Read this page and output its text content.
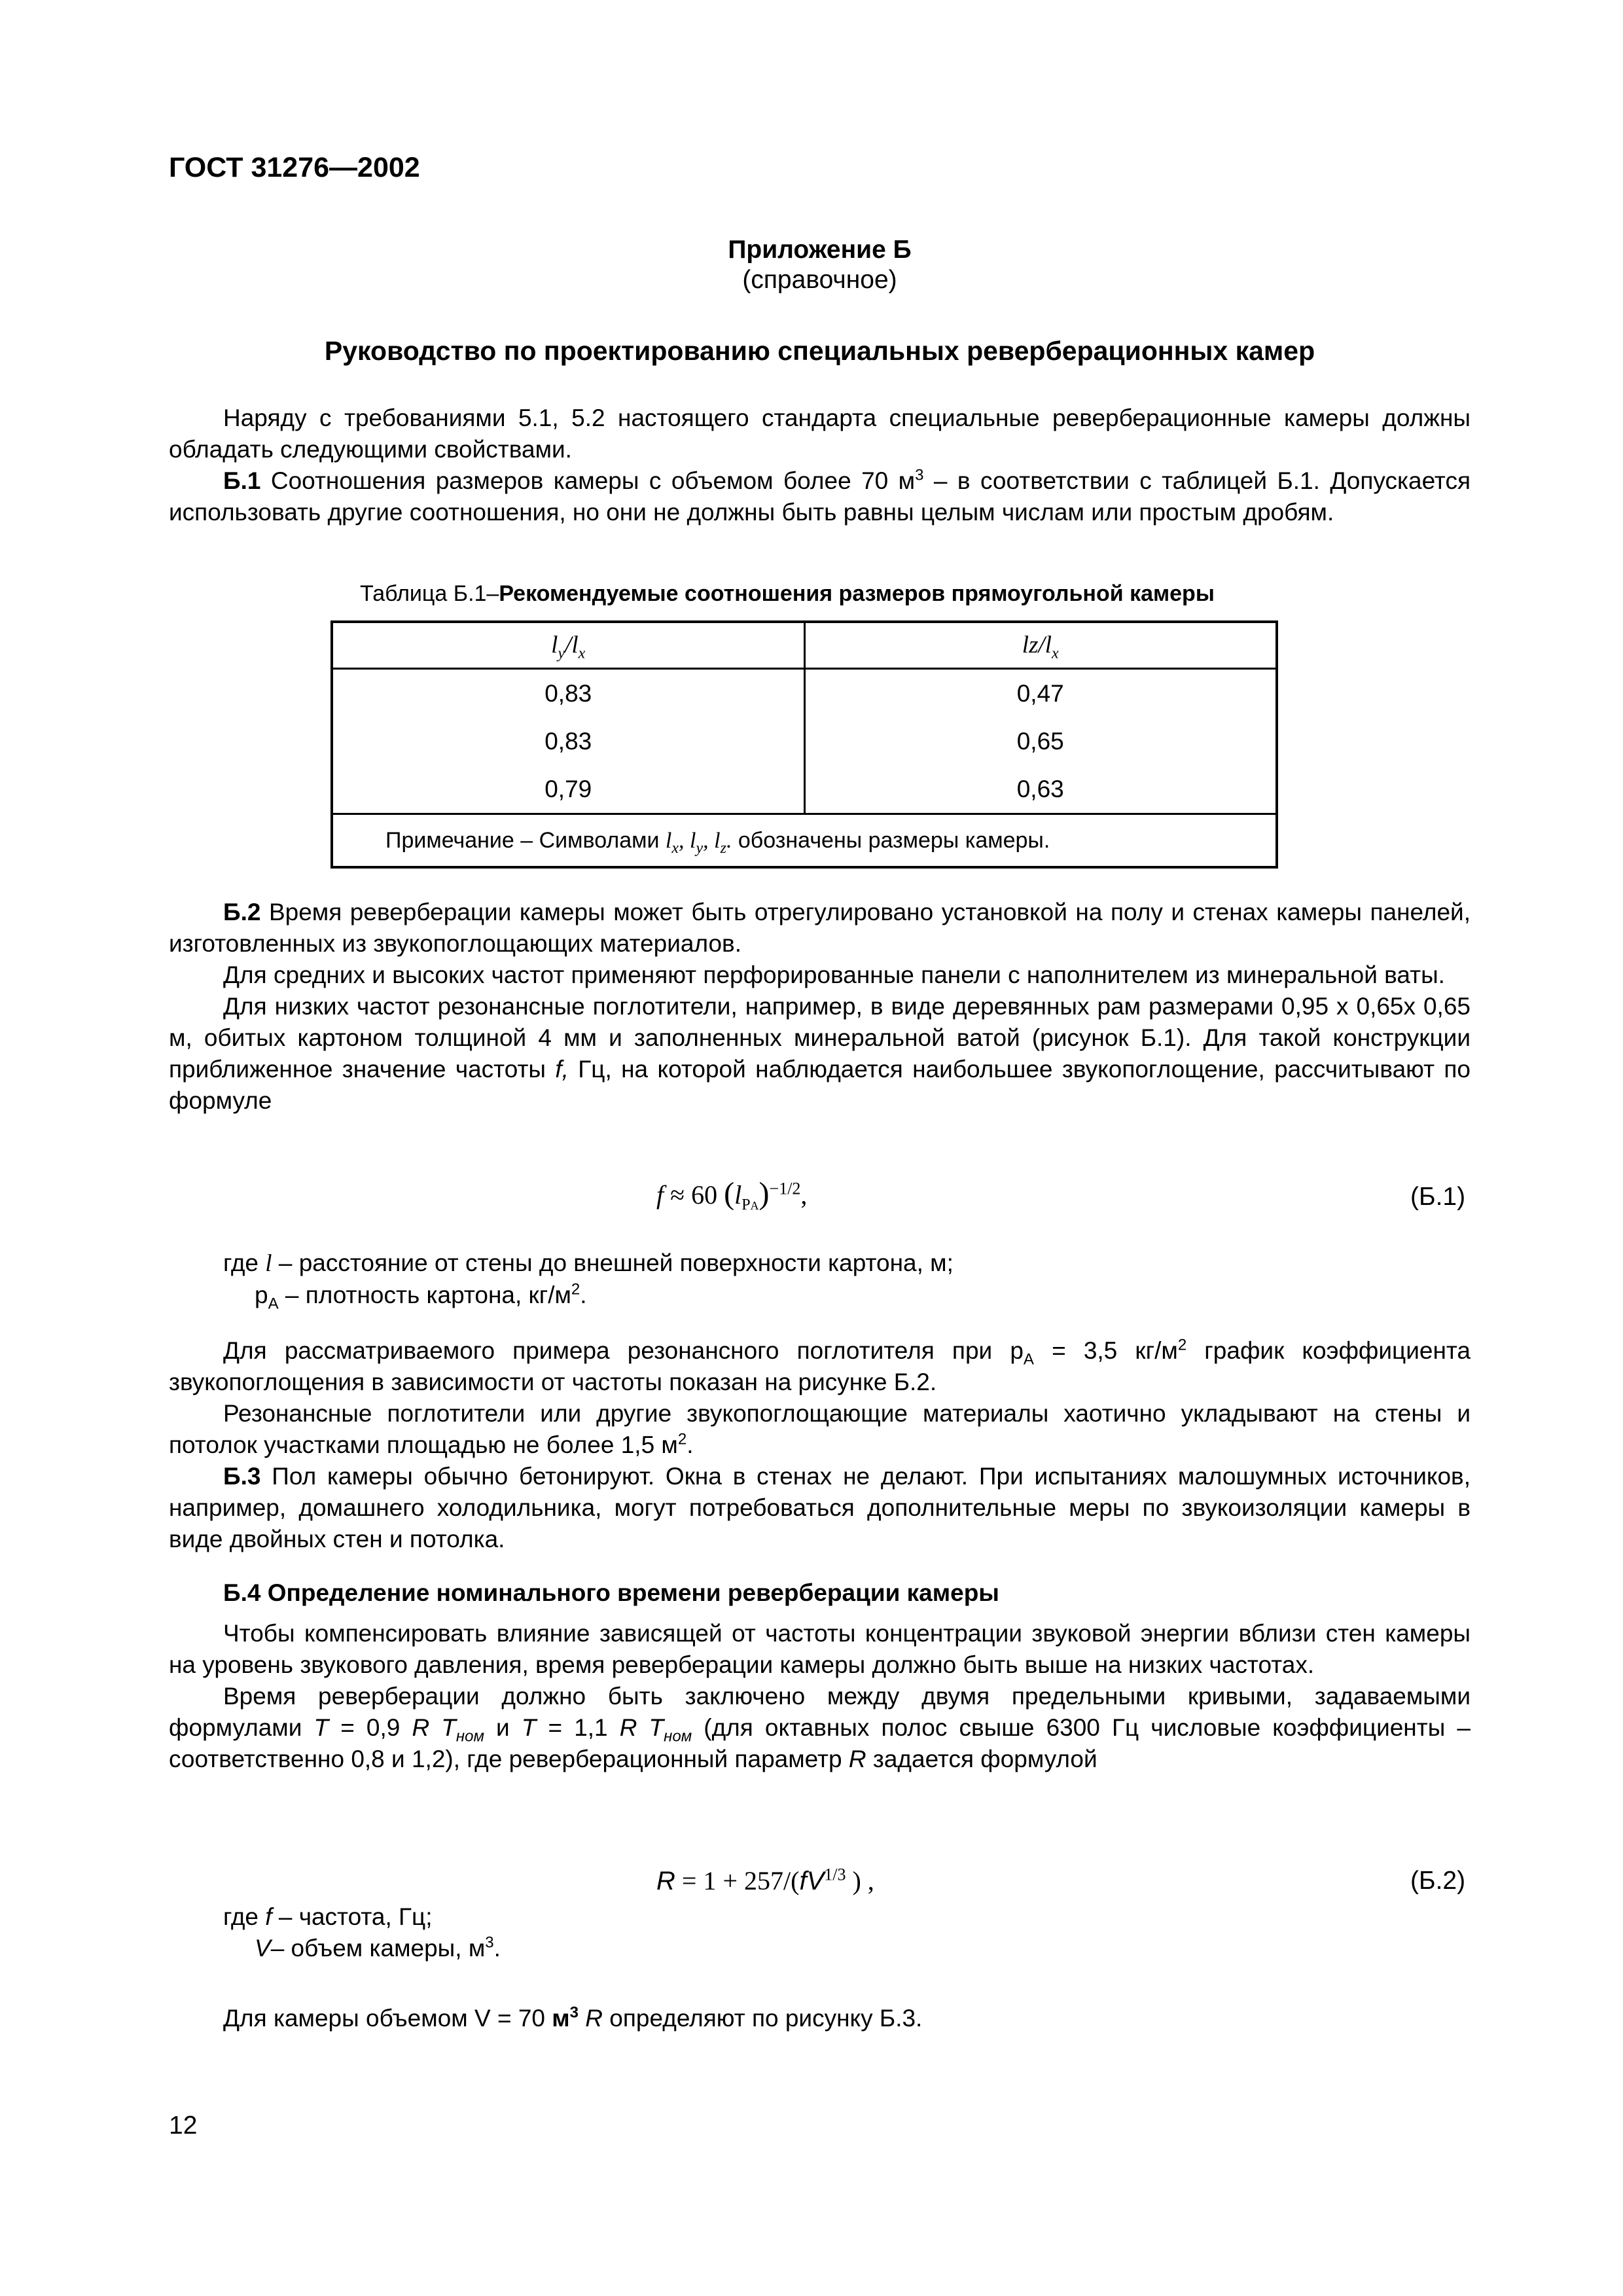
ГОСТ 31276—2002
Приложение Б
(справочное)
Руководство по проектированию специальных реверберационных камер

Наряду с требованиями 5.1, 5.2 настоящего стандарта специальные реверберационные камеры должны обладать следующими свойствами.

Б.1 Соотношения размеров камеры с объемом более 70 $м^3$ – в соответствии с таблицей Б.1. Допускается использовать другие соотношения, но они не должны быть равны целым числам или простым дробям.

Таблица Б.1–Рекомендуемые соотношения размеров прямоугольной камеры
$l_y/l_x$	$lz/l_x$
0,83	0,47
0,83	0,65
0,79	0,63
Примечание – Символами $l_x$, $l_y$, $l_z$. обозначены размеры камеры.	

Б.2 Время реверберации камеры может быть отрегулировано установкой на полу и стенах камеры панелей, изготовленных из звукопоглощающих материалов.

Для средних и высоких частот применяют перфорированные панели с наполнителем из минеральной ваты.

Для низких частот резонансные поглотители, например, в виде деревянных рам размерами 0,95 х 0,65х 0,65 м, обитых картоном толщиной 4 мм и заполненных минеральной ватой (рисунок Б.1). Для такой конструкции приближенное значение частоты f, Гц, на которой наблюдается наибольшее звукопоглощение, рассчитывают по формуле

f ≈ 60 $(l_{PA})^{-1/2}$,	(Б.1)
где l – расстояние от стены до внешней поверхности картона, м;
$р_A$ – плотность картона, $кг/м^2$.

Для рассматриваемого примера резонансного поглотителя при $р_A = 3,5$ $кг/м^2$ график коэффициента звукопоглощения в зависимости от частоты показан на рисунке Б.2.

Резонансные поглотители или другие звукопоглощающие материалы хаотично укладывают на стены и потолок участками площадью не более 1,5 $м^2$.

Б.3 Пол камеры обычно бетонируют. Окна в стенах не делают. При испытаниях малошумных источников, например, домашнего холодильника, могут потребоваться дополнительные меры по звукоизоляции камеры в виде двойных стен и потолка.

Б.4 Определение номинального времени реверберации камеры

Чтобы компенсировать влияние зависящей от частоты концентрации звуковой энергии вблизи стен камеры на уровень звукового давления, время реверберации камеры должно быть выше на низких частотах.

Время реверберации должно быть заключено между двумя предельными кривыми, задаваемыми формулами T = 0,9 R $T_{ном}$ и T = 1,1 R $T_{ном}$ (для октавных полос свыше 6300 Гц числовые коэффициенты – соответственно 0,8 и 1,2), где реверберационный параметр R задается формулой

$R = 1 + 257/(fV^{1/3}$ ) ,	(Б.2)
где f – частота, Гц;
V– объем камеры, $м^3$.

Для камеры объемом V = 70 $м^3$ R определяют по рисунку Б.3.

12
